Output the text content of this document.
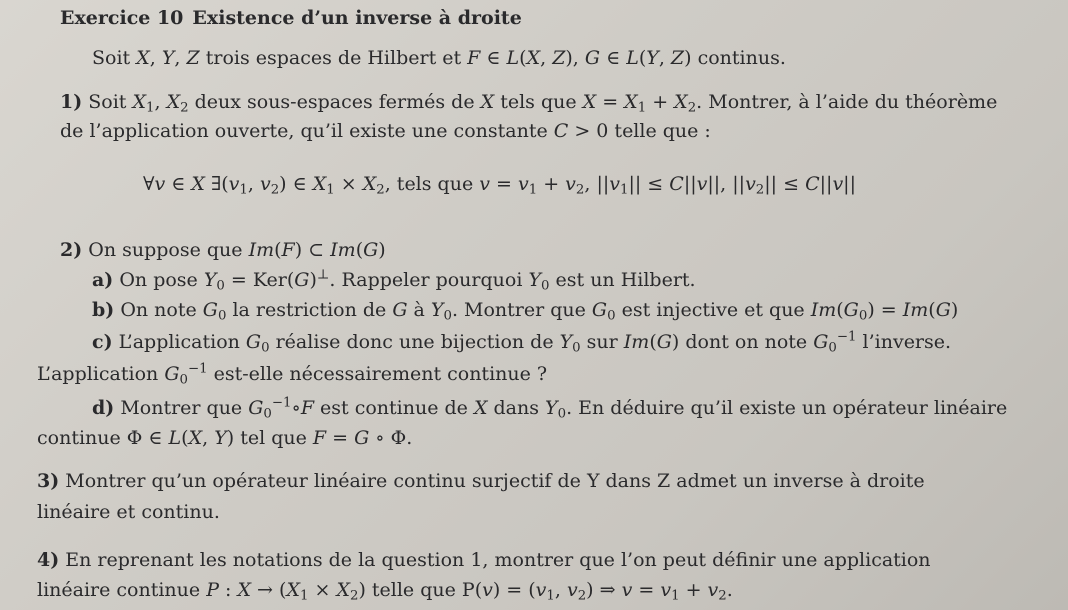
Exercice 10 Existence d’un inverse à droite
Soit X, Y, Z trois espaces de Hilbert et F ∈ L(X, Z), G ∈ L(Y, Z) continus.
1) Soit $X_1$, $X_2$ deux sous-espaces fermés de X tels que $X = X_1 + X_2$. Montrer, à l’aide du théorème
de l’application ouverte, qu’il existe une constante C > 0 telle que :
∀v ∈ X $\exists(v_1$, $v_2$) ∈ $X_1 \times X_2$, tels que $v = v_1 + v_2$, $||v_1|| \le C||v||$, $||v_2|| \le C||v||$
2) On suppose que Im(F) ⊂ Im(G)
a) On pose $Y_0 = Ker(G)^\perp$. Rappeler pourquoi $Y_0$ est un Hilbert.
b) On note $G_0$ la restriction de G à $Y_0$. Montrer que $G_0$ est injective et que $Im(G_0) = Im(G)$
c) L’application $G_0$ réalise donc une bijection de $Y_0$ sur Im(G) dont on note $G_0^{-1}$ l’inverse.
L’application $G_0^{-1}$ est-elle nécessairement continue ?
d) Montrer que $G_0^{-1}\circ F$ est continue de X dans $Y_0$. En déduire qu’il existe un opérateur linéaire
continue Φ ∈ L(X, Y) tel que F = G ∘ Φ.
3) Montrer qu’un opérateur linéaire continu surjectif de Y dans Z admet un inverse à droite
linéaire et continu.
4) En reprenant les notations de la question 1, montrer que l’on peut définir une application
linéaire continue P : $X \to (X_1 \times X_2)$ telle que $P(v) = (v_1$, $v_2$) ⇒ $v = v_1 + v_2$.
